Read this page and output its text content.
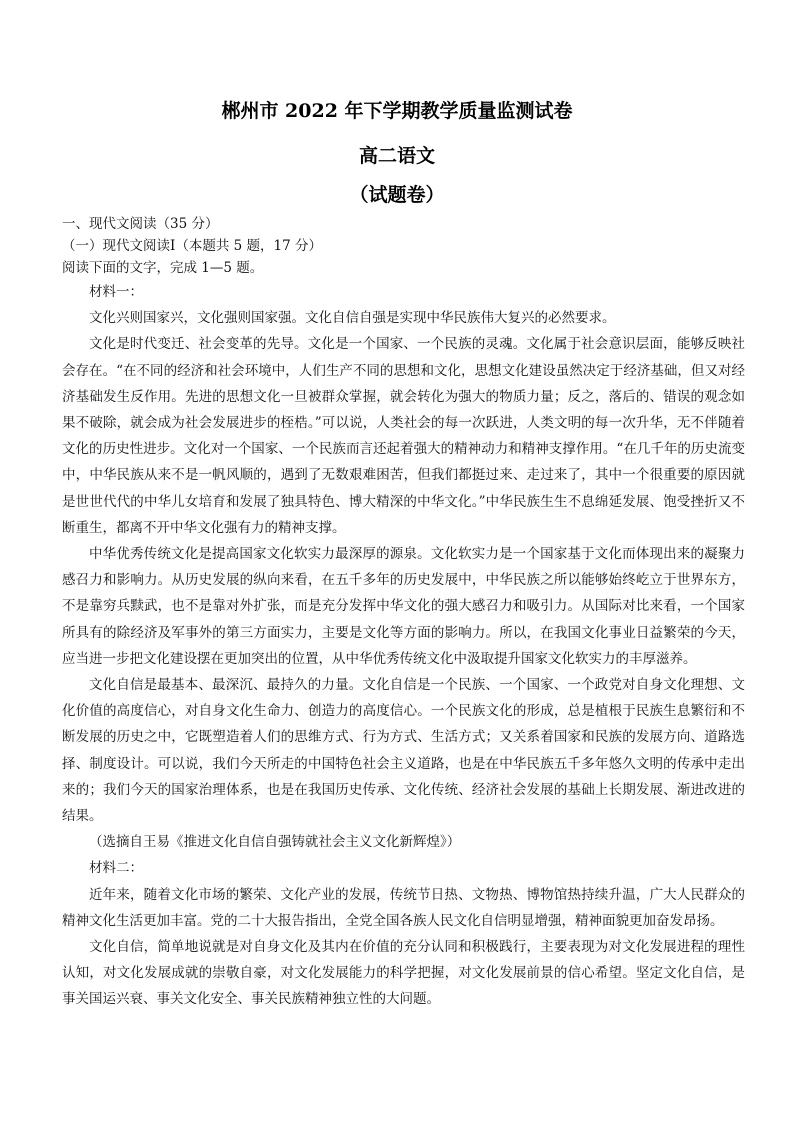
郴州市 2022 年下学期教学质量监测试卷
高二语文
（试题卷）
一、现代文阅读（35 分）
（一）现代文阅读Ⅰ（本题共 5 题，17 分）
阅读下面的文字，完成 1—5 题。
材料一：

文化兴则国家兴，文化强则国家强。文化自信自强是实现中华民族伟大复兴的必然要求。

文化是时代变迁、社会变革的先导。文化是一个国家、一个民族的灵魂。文化属于社会意识层面，能够反映社会存在。“在不同的经济和社会环境中，人们生产不同的思想和文化，思想文化建设虽然决定于经济基础，但又对经济基础发生反作用。先进的思想文化一旦被群众掌握，就会转化为强大的物质力量；反之，落后的、错误的观念如果不破除，就会成为社会发展进步的桎梏。”可以说，人类社会的每一次跃进，人类文明的每一次升华，无不伴随着文化的历史性进步。文化对一个国家、一个民族而言还起着强大的精神动力和精神支撑作用。“在几千年的历史流变中，中华民族从来不是一帆风顺的，遇到了无数艰难困苦，但我们都挺过来、走过来了，其中一个很重要的原因就是世世代代的中华儿女培育和发展了独具特色、博大精深的中华文化。”中华民族生生不息绵延发展、饱受挫折又不断重生，都离不开中华文化强有力的精神支撑。

中华优秀传统文化是提高国家文化软实力最深厚的源泉。文化软实力是一个国家基于文化而体现出来的凝聚力感召力和影响力。从历史发展的纵向来看，在五千多年的历史发展中，中华民族之所以能够始终屹立于世界东方，不是靠穷兵黩武，也不是靠对外扩张，而是充分发挥中华文化的强大感召力和吸引力。从国际对比来看，一个国家所具有的除经济及军事外的第三方面实力，主要是文化等方面的影响力。所以，在我国文化事业日益繁荣的今天，应当进一步把文化建设摆在更加突出的位置，从中华优秀传统文化中汲取提升国家文化软实力的丰厚滋养。

文化自信是最基本、最深沉、最持久的力量。文化自信是一个民族、一个国家、一个政党对自身文化理想、文化价值的高度信心，对自身文化生命力、创造力的高度信心。一个民族文化的形成，总是植根于民族生息繁衍和不断发展的历史之中，它既塑造着人们的思维方式、行为方式、生活方式；又关系着国家和民族的发展方向、道路选择、制度设计。可以说，我们今天所走的中国特色社会主义道路，也是在中华民族五千多年悠久文明的传承中走出来的；我们今天的国家治理体系，也是在我国历史传承、文化传统、经济社会发展的基础上长期发展、渐进改进的结果。

（选摘自王易《推进文化自信自强铸就社会主义文化新辉煌》）
材料二：

近年来，随着文化市场的繁荣、文化产业的发展，传统节日热、文物热、博物馆热持续升温，广大人民群众的精神文化生活更加丰富。党的二十大报告指出，全党全国各族人民文化自信明显增强，精神面貌更加奋发昂扬。

文化自信，简单地说就是对自身文化及其内在价值的充分认同和积极践行，主要表现为对文化发展进程的理性认知，对文化发展成就的崇敬自豪，对文化发展能力的科学把握，对文化发展前景的信心希望。坚定文化自信，是事关国运兴衰、事关文化安全、事关民族精神独立性的大问题。
